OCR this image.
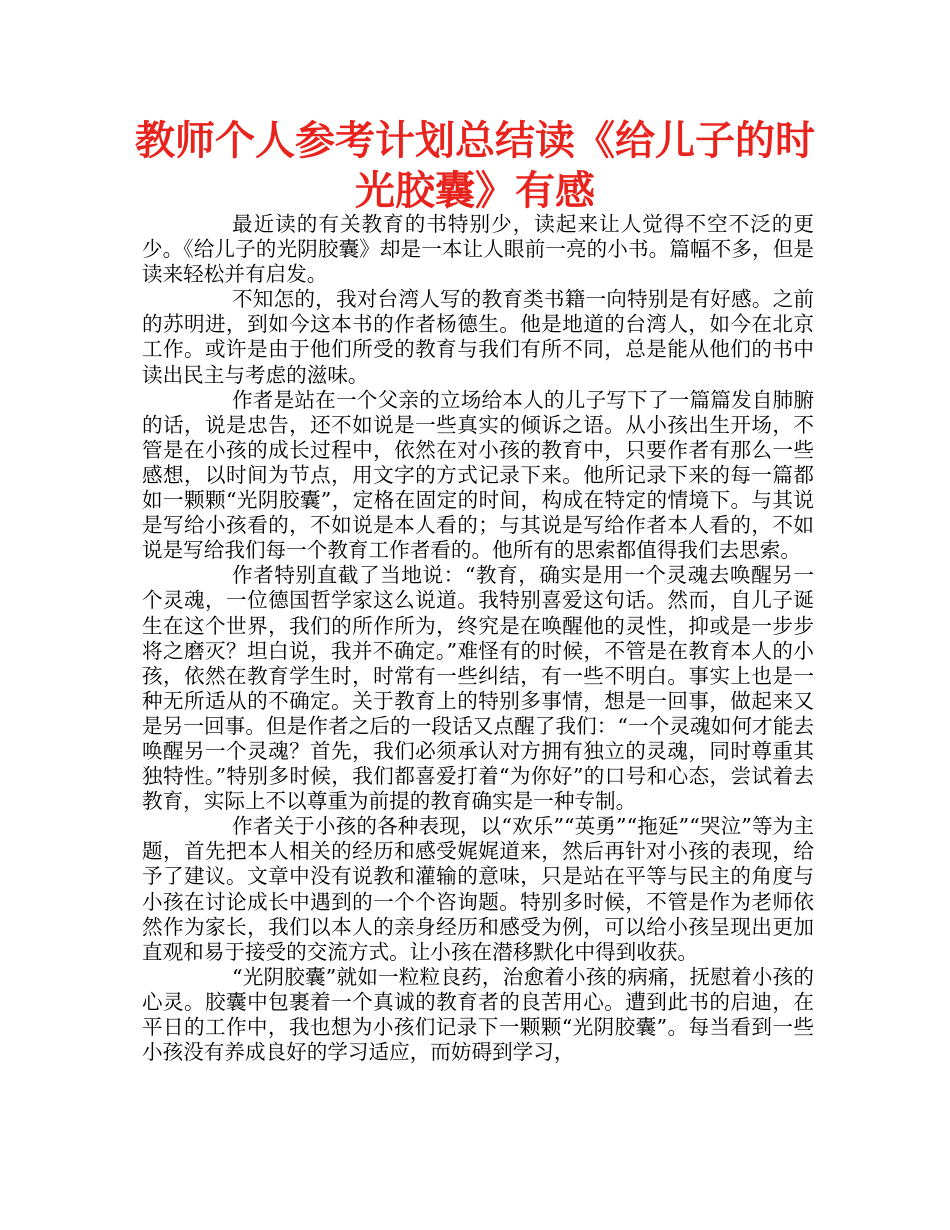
教师个人参考计划总结读《给儿子的时光胶囊》有感

最近读的有关教育的书特别少，读起来让人觉得不空不泛的更少。《给儿子的光阴胶囊》却是一本让人眼前一亮的小书。篇幅不多，但是读来轻松并有启发。

不知怎的，我对台湾人写的教育类书籍一向特别是有好感。之前的苏明进，到如今这本书的作者杨德生。他是地道的台湾人，如今在北京工作。或许是由于他们所受的教育与我们有所不同，总是能从他们的书中读出民主与考虑的滋味。

作者是站在一个父亲的立场给本人的儿子写下了一篇篇发自肺腑的话，说是忠告，还不如说是一些真实的倾诉之语。从小孩出生开场，不管是在小孩的成长过程中，依然在对小孩的教育中，只要作者有那么一些感想，以时间为节点，用文字的方式记录下来。他所记录下来的每一篇都如一颗颗“光阴胶囊”，定格在固定的时间，构成在特定的情境下。与其说是写给小孩看的，不如说是本人看的；与其说是写给作者本人看的，不如说是写给我们每一个教育工作者看的。他所有的思索都值得我们去思索。

作者特别直截了当地说：“教育，确实是用一个灵魂去唤醒另一个灵魂，一位德国哲学家这么说道。我特别喜爱这句话。然而，自儿子诞生在这个世界，我们的所作所为，终究是在唤醒他的灵性，抑或是一步步将之磨灭？坦白说，我并不确定。”难怪有的时候，不管是在教育本人的小孩，依然在教育学生时，时常有一些纠结，有一些不明白。事实上也是一种无所适从的不确定。关于教育上的特别多事情，想是一回事，做起来又是另一回事。但是作者之后的一段话又点醒了我们：“一个灵魂如何才能去唤醒另一个灵魂？首先，我们必须承认对方拥有独立的灵魂，同时尊重其独特性。”特别多时候，我们都喜爱打着“为你好”的口号和心态，尝试着去教育，实际上不以尊重为前提的教育确实是一种专制。

作者关于小孩的各种表现，以“欢乐”“英勇”“拖延”“哭泣”等为主题，首先把本人相关的经历和感受娓娓道来，然后再针对小孩的表现，给予了建议。文章中没有说教和灌输的意味，只是站在平等与民主的角度与小孩在讨论成长中遇到的一个个咨询题。特别多时候，不管是作为老师依然作为家长，我们以本人的亲身经历和感受为例，可以给小孩呈现出更加直观和易于接受的交流方式。让小孩在潜移默化中得到收获。

“光阴胶囊”就如一粒粒良药，治愈着小孩的病痛，抚慰着小孩的心灵。胶囊中包裹着一个真诚的教育者的良苦用心。遭到此书的启迪，在平日的工作中，我也想为小孩们记录下一颗颗“光阴胶囊”。每当看到一些小孩没有养成良好的学习适应，而妨碍到学习，
